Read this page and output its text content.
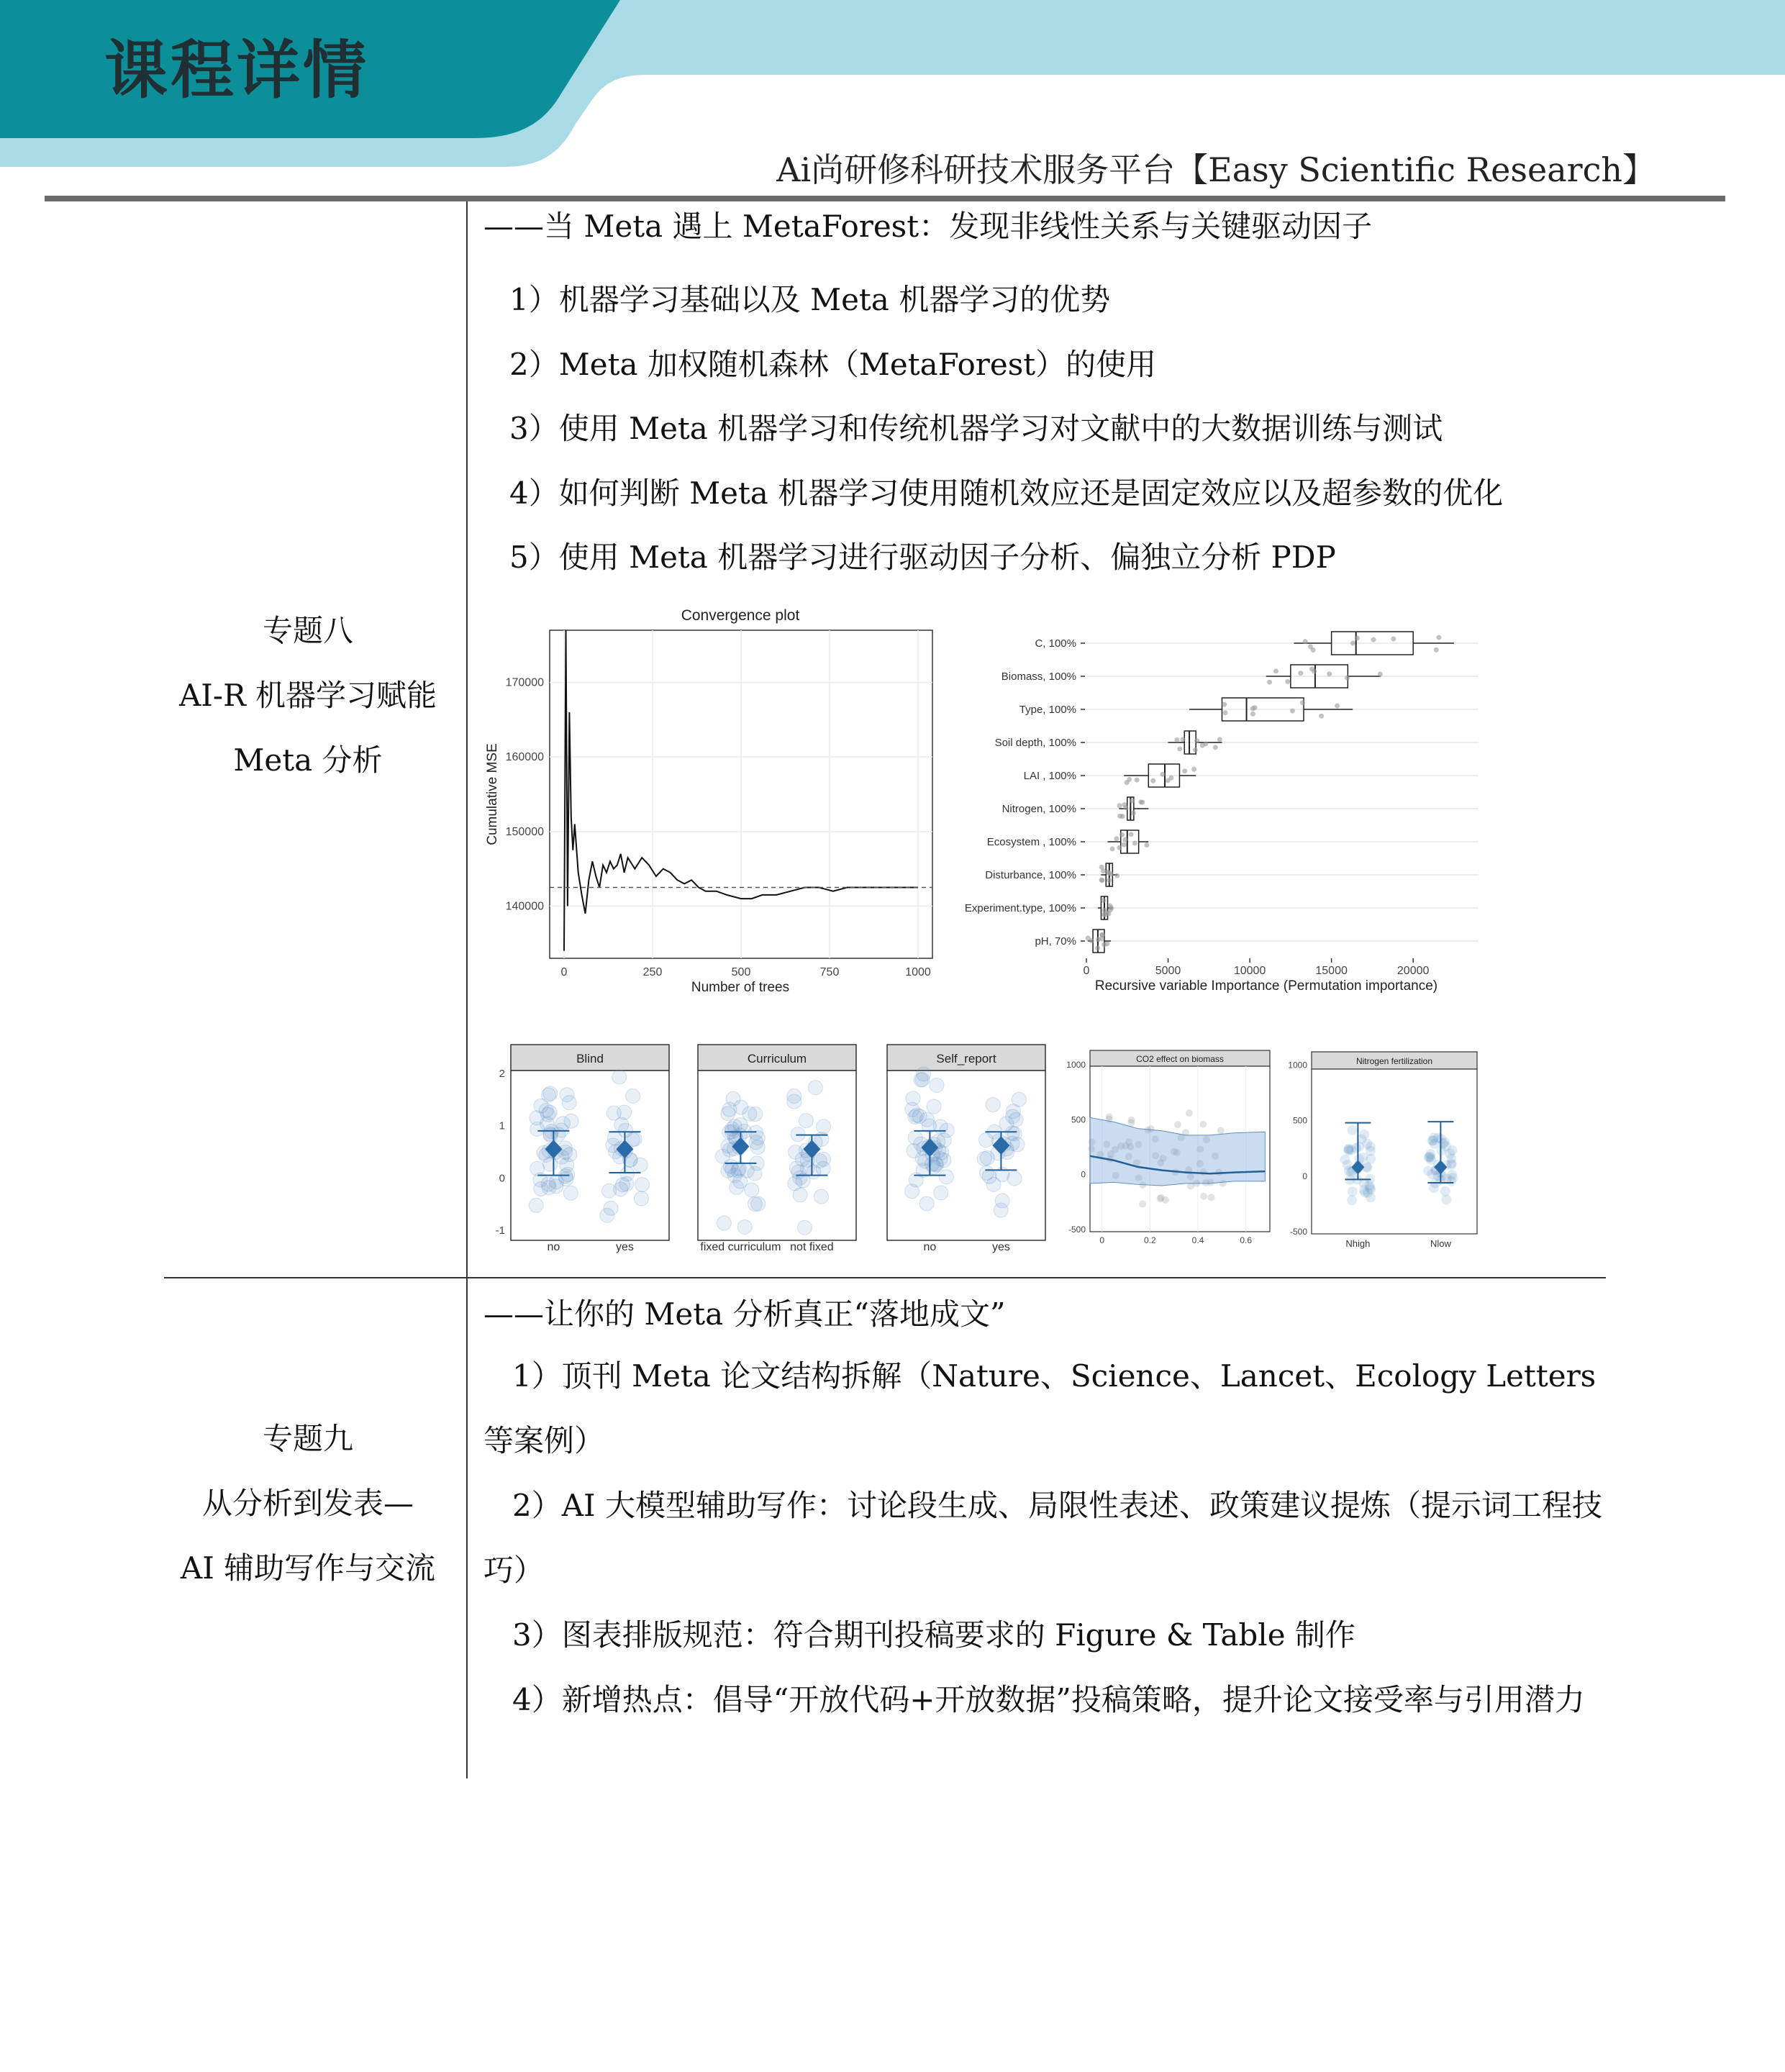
课程详情
Ai尚研修科研技术服务平台【Easy Scientific Research】
专题八
AI-R 机器学习赋能
Meta 分析
——当 Meta 遇上 MetaForest：发现非线性关系与关键驱动因子
1）机器学习基础以及 Meta 机器学习的优势
2）Meta 加权随机森林（MetaForest）的使用
3）使用 Meta 机器学习和传统机器学习对文献中的大数据训练与测试
4）如何判断 Meta 机器学习使用随机效应还是固定效应以及超参数的优化
5）使用 Meta 机器学习进行驱动因子分析、偏独立分析 PDP
Convergence plot
0	250	500	750	1000
140000
150000
160000
170000
Number of trees
Cumulative MSE
C, 100%
Biomass, 100%
Type, 100%
Soil depth, 100%
LAI , 100%
Nitrogen, 100%
Ecosystem , 100%
Disturbance, 100%
Experiment.type, 100%
pH, 70%
0	5000	10000	15000	20000
Recursive variable Importance (Permutation importance)
Blind
-1
0
1
2
no	yes
Curriculum
fixed curriculum not fixed
Self_report
no	yes
CO2 effect on biomass
0	0.2	0.4	0.6
-500
0
500
1000	Nitrogen fertilization
-500
0
500
1000
Nhigh	Nlow
专题九
从分析到发表—
AI 辅助写作与交流
——让你的 Meta 分析真正“落地成文”

1）顶刊 Meta 论文结构拆解（Nature、Science、Lancet、Ecology Letters 等案例）

2）AI 大模型辅助写作：讨论段生成、局限性表述、政策建议提炼（提示词工程技巧）

3）图表排版规范：符合期刊投稿要求的 Figure & Table 制作

4）新增热点：倡导“开放代码+开放数据”投稿策略，提升论文接受率与引用潜力
